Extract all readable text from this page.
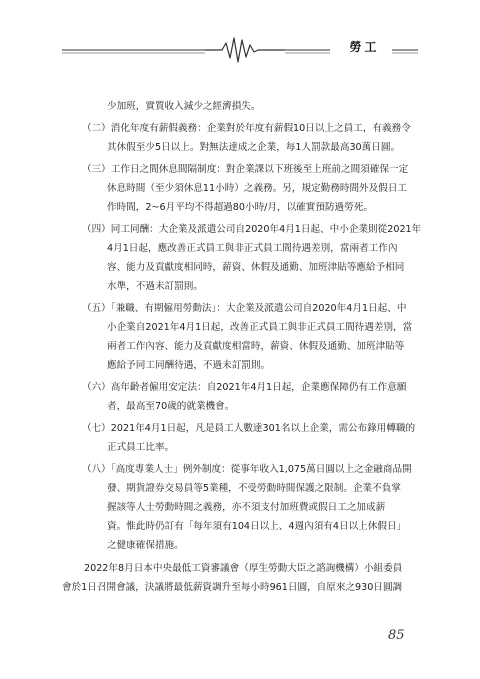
勞工
少加班，實質收入減少之經濟損失。
（二）消化年度有薪假義務：企業對於年度有薪假10日以上之員工，有義務令
其休假至少5日以上。對無法達成之企業，每1人罰款最高30萬日圓。
（三）工作日之間休息間隔制度：對企業課以下班後至上班前之間須確保一定
休息時間（至少須休息11小時）之義務。另，規定勤務時間外及假日工
作時間，2~6月平均不得超過80小時/月，以確實預防過勞死。
（四）同工同酬：大企業及派遣公司自2020年4月1日起、中小企業則從2021年
4月1日起，應改善正式員工與非正式員工間待遇差別，當兩者工作內
容、能力及貢獻度相同時，薪資、休假及通勤、加班津貼等應給予相同
水準，不過未訂罰則。
（五）「兼職、有期僱用勞動法」：大企業及派遣公司自2020年4月1日起、中
小企業自2021年4月1日起，改善正式員工與非正式員工間待遇差別，當
兩者工作內容、能力及貢獻度相當時，薪資、休假及通勤、加班津貼等
應給予同工同酬待遇，不過未訂罰則。
（六）高年齡者僱用安定法：自2021年4月1日起，企業應保障仍有工作意願
者，最高至70歲的就業機會。
（七）2021年4月1日起，凡是員工人數達301名以上企業，需公布錄用轉職的
正式員工比率。
（八）「高度專業人士」例外制度：從事年收入1,075萬日圓以上之金融商品開
發、期貨證券交易員等5業種，不受勞動時間保護之限制。企業不負掌
握該等人士勞動時間之義務，亦不須支付加班費或假日工之加成薪
資。惟此時仍訂有「每年須有104日以上、4週內須有4日以上休假日」
之健康確保措施。
2022年8月日本中央最低工資審議會（厚生勞動大臣之諮詢機構）小組委員
會於1日召開會議，決議將最低薪資調升至每小時961日圓，自原來之930日圓調
85
